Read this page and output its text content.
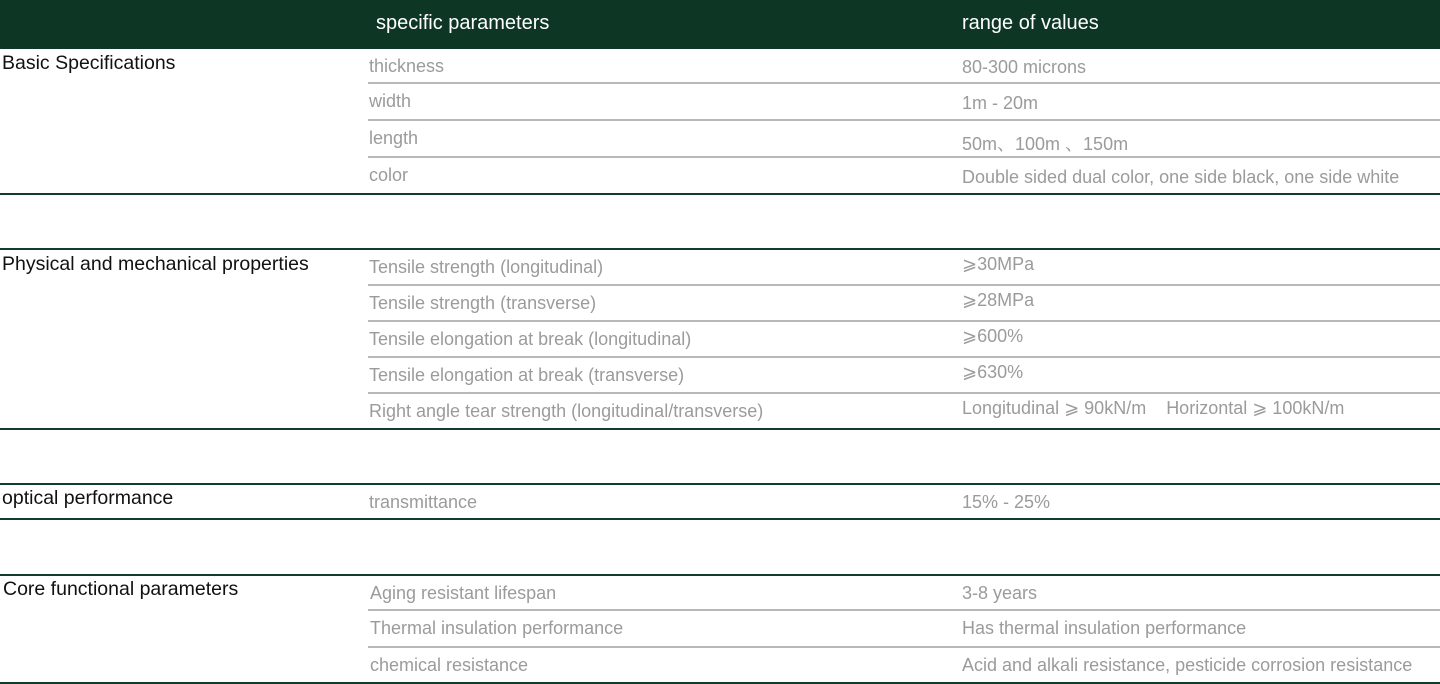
specific parameters	range of values
Basic Specifications	thickness	80-300 microns
width	1m - 20m
length	50m、100m 、150m
color	Double sided dual color, one side black, one side white
Physical and mechanical properties	Tensile strength (longitudinal)	⩾30MPa
Tensile strength (transverse)	⩾28MPa
Tensile elongation at break (longitudinal)	⩾600%
Tensile elongation at break (transverse)	⩾630%
Right angle tear strength (longitudinal/transverse)	Longitudinal ⩾ 90kN/m    Horizontal ⩾ 100kN/m
optical performance	transmittance	15% - 25%
Core functional parameters	Aging resistant lifespan	3-8 years
Thermal insulation performance	Has thermal insulation performance
chemical resistance	Acid and alkali resistance, pesticide corrosion resistance
